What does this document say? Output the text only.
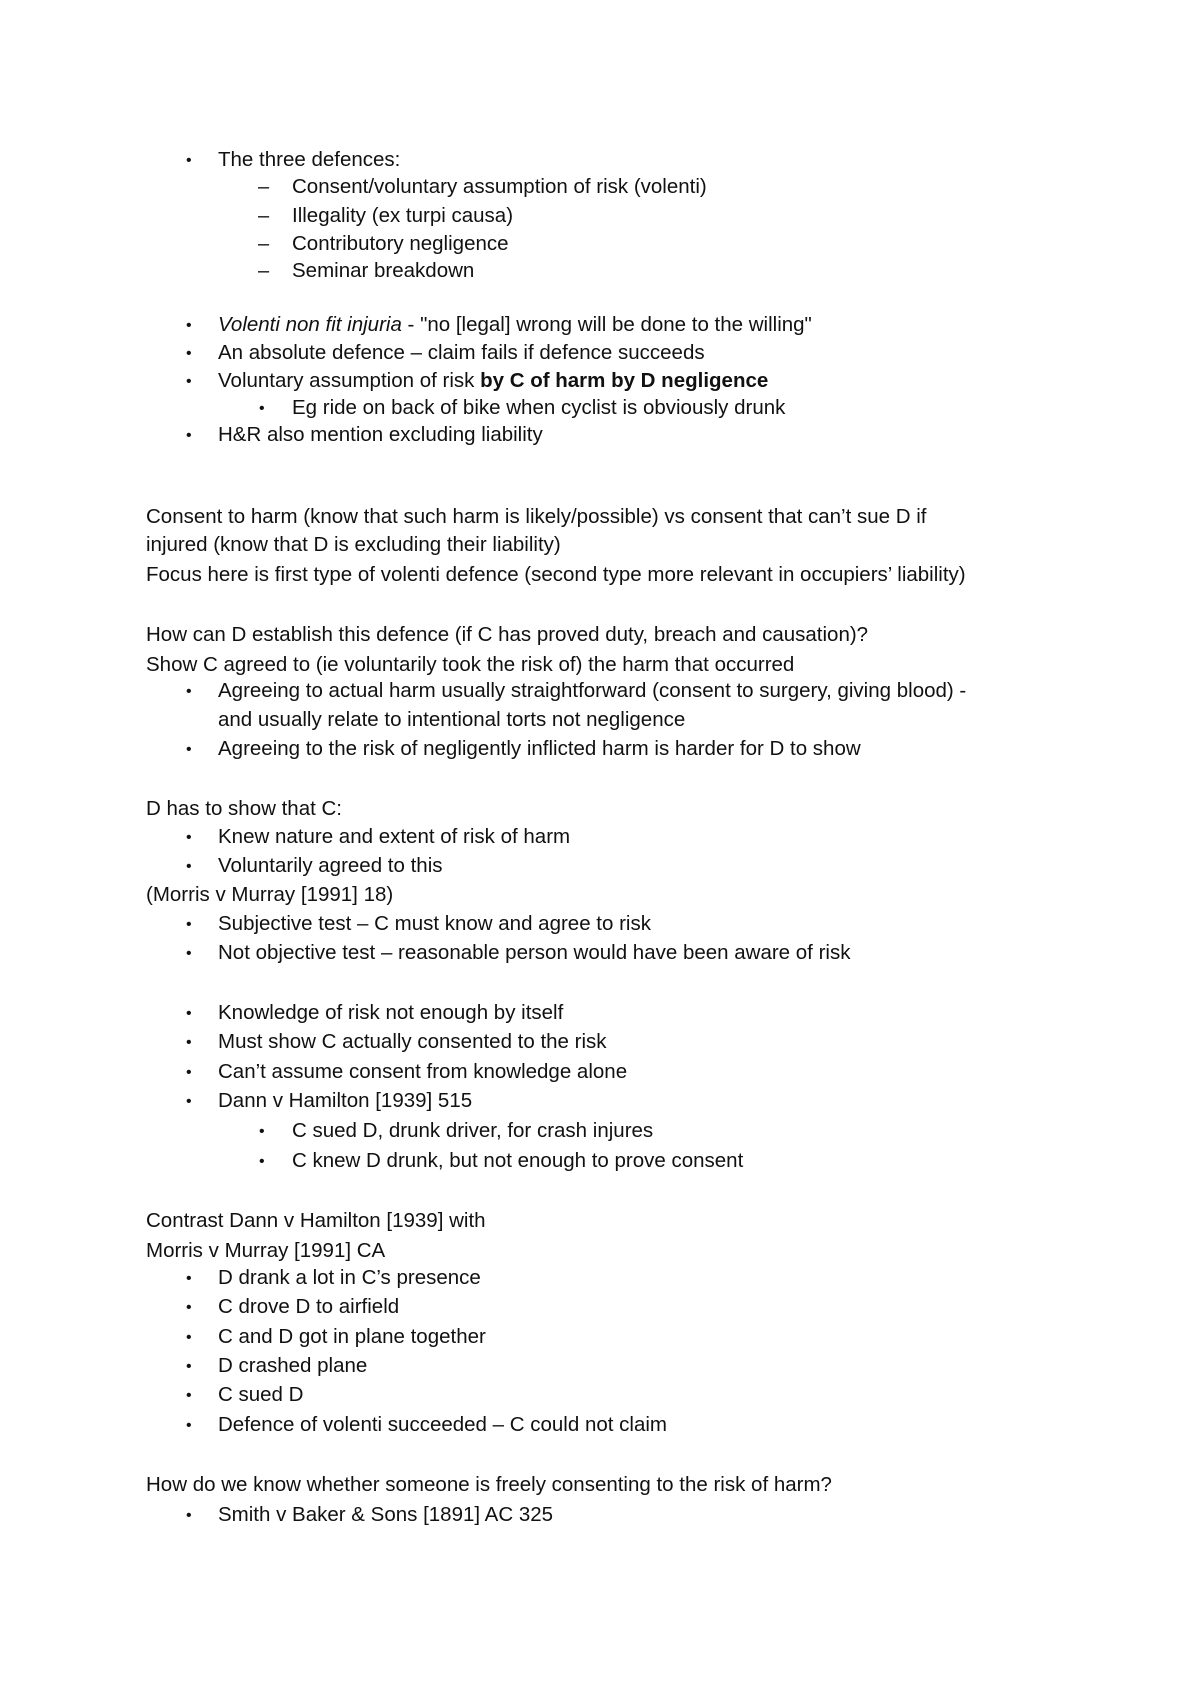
• The three defences:
– Consent/voluntary assumption of risk (volenti)
– Illegality (ex turpi causa)
– Contributory negligence
– Seminar breakdown
• Volenti non fit injuria - "no [legal] wrong will be done to the willing"
• An absolute defence – claim fails if defence succeeds
• Voluntary assumption of risk by C of harm by D negligence
• Eg ride on back of bike when cyclist is obviously drunk
• H&R also mention excluding liability
Consent to harm (know that such harm is likely/possible) vs consent that can’t sue D if
injured (know that D is excluding their liability)
Focus here is first type of volenti defence (second type more relevant in occupiers’ liability)
How can D establish this defence (if C has proved duty, breach and causation)?
Show C agreed to (ie voluntarily took the risk of) the harm that occurred
• Agreeing to actual harm usually straightforward (consent to surgery, giving blood) -
and usually relate to intentional torts not negligence
• Agreeing to the risk of negligently inflicted harm is harder for D to show
D has to show that C:
• Knew nature and extent of risk of harm
• Voluntarily agreed to this
(Morris v Murray [1991] 18)
• Subjective test – C must know and agree to risk
• Not objective test – reasonable person would have been aware of risk
• Knowledge of risk not enough by itself
• Must show C actually consented to the risk
• Can’t assume consent from knowledge alone
• Dann v Hamilton [1939] 515
• C sued D, drunk driver, for crash injures
• C knew D drunk, but not enough to prove consent
Contrast Dann v Hamilton [1939] with
Morris v Murray [1991] CA
• D drank a lot in C’s presence
• C drove D to airfield
• C and D got in plane together
• D crashed plane
• C sued D
• Defence of volenti succeeded – C could not claim
How do we know whether someone is freely consenting to the risk of harm?
• Smith v Baker & Sons [1891] AC 325
